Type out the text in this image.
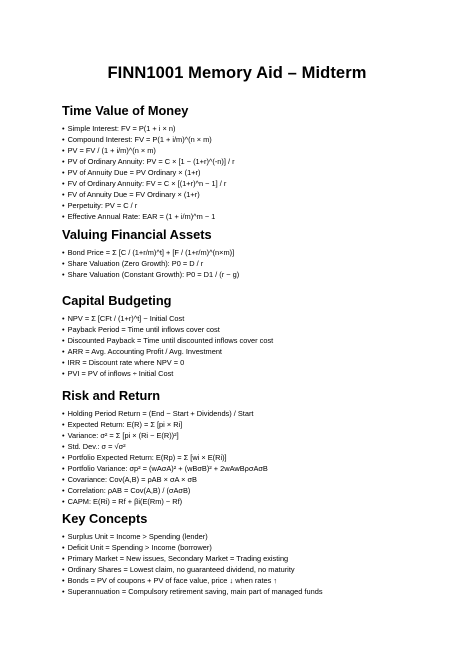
FINN1001 Memory Aid – Midterm
Time Value of Money
• Simple Interest: FV = P(1 + i × n)
• Compound Interest: FV = P(1 + i/m)^(n × m)
• PV = FV / (1 + i/m)^(n × m)
• PV of Ordinary Annuity: PV = C × [1 − (1+r)^(-n)] / r
• PV of Annuity Due = PV Ordinary × (1+r)
• FV of Ordinary Annuity: FV = C × [(1+r)^n − 1] / r
• FV of Annuity Due = FV Ordinary × (1+r)
• Perpetuity: PV = C / r
• Effective Annual Rate: EAR = (1 + i/m)^m − 1
Valuing Financial Assets
• Bond Price = Σ [C / (1+r/m)^t] + [F / (1+r/m)^(n×m)]
• Share Valuation (Zero Growth): P0 = D / r
• Share Valuation (Constant Growth): P0 = D1 / (r − g)
Capital Budgeting
• NPV = Σ [CFt / (1+r)^t] − Initial Cost
• Payback Period = Time until inflows cover cost
• Discounted Payback = Time until discounted inflows cover cost
• ARR = Avg. Accounting Profit / Avg. Investment
• IRR = Discount rate where NPV = 0
• PVI = PV of inflows ÷ Initial Cost
Risk and Return
• Holding Period Return = (End − Start + Dividends) / Start
• Expected Return: E(R) = Σ [pi × Ri]
• Variance: σ² = Σ [pi × (Ri − E(R))²]
• Std. Dev.: σ = √σ²
• Portfolio Expected Return: E(Rp) = Σ [wi × E(Ri)]
• Portfolio Variance: σp² = (wAσA)² + (wBσB)² + 2wAwBρσAσB
• Covariance: Cov(A,B) = ρAB × σA × σB
• Correlation: ρAB = Cov(A,B) / (σAσB)
• CAPM: E(Ri) = Rf + βi(E(Rm) − Rf)
Key Concepts
• Surplus Unit = Income > Spending (lender)
• Deficit Unit = Spending > Income (borrower)
• Primary Market = New issues, Secondary Market = Trading existing
• Ordinary Shares = Lowest claim, no guaranteed dividend, no maturity
• Bonds = PV of coupons + PV of face value, price ↓ when rates ↑
• Superannuation = Compulsory retirement saving, main part of managed funds
